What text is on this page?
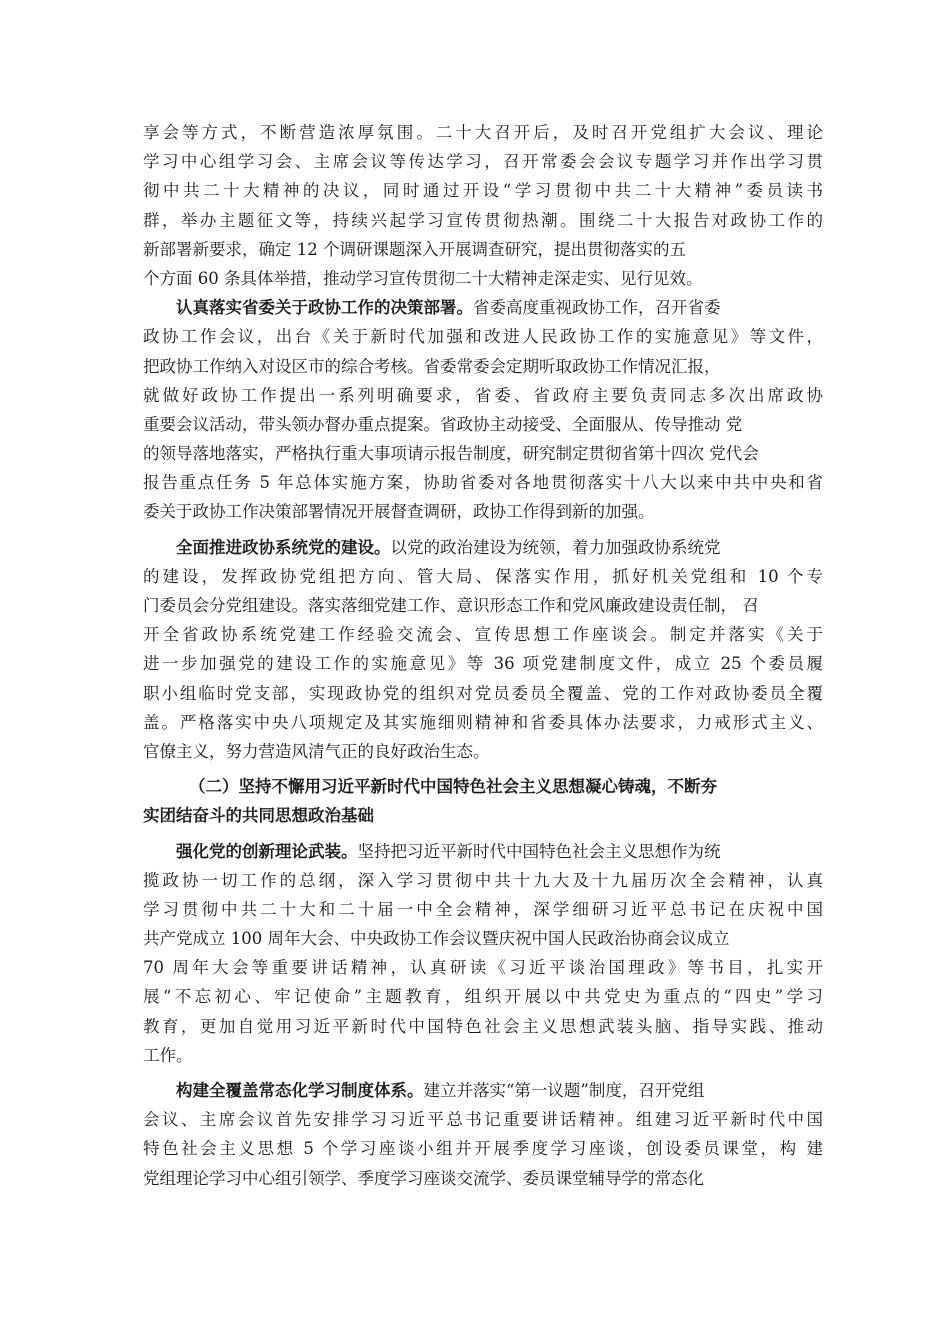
享会等方式，不断营造浓厚氛围。二十大召开后，及时召开党组扩大会议、理论
学习中心组学习会、主席会议等传达学习，召开常委会会议专题学习并作出学习贯
彻中共二十大精神的决议，同时通过开设“学习贯彻中共二十大精神”委员读书
群，举办主题征文等，持续兴起学习宣传贯彻热潮。围绕二十大报告对政协工作的
新部署新要求，确定 12 个调研课题深入开展调查研究，提出贯彻落实的五
个方面 60 条具体举措，推动学习宣传贯彻二十大精神走深走实、见行见效。
认真落实省委关于政协工作的决策部署。省委高度重视政协工作，召开省委
政协工作会议，出台《关于新时代加强和改进人民政协工作的实施意见》等文件，
把政协工作纳入对设区市的综合考核。省委常委会定期听取政协工作情况汇报，
就做好政协工作提出一系列明确要求，省委、省政府主要负责同志多次出席政协
重要会议活动，带头领办督办重点提案。省政协主动接受、全面服从、传导推动 党
的领导落地落实，严格执行重大事项请示报告制度，研究制定贯彻省第十四次 党代会
报告重点任务 5 年总体实施方案，协助省委对各地贯彻落实十八大以来中共中央和省
委关于政协工作决策部署情况开展督查调研，政协工作得到新的加强。
全面推进政协系统党的建设。以党的政治建设为统领，着力加强政协系统党
的建设，发挥政协党组把方向、管大局、保落实作用，抓好机关党组和 10 个专
门委员会分党组建设。落实落细党建工作、意识形态工作和党风廉政建设责任制， 召
开全省政协系统党建工作经验交流会、宣传思想工作座谈会。制定并落实《关于
进一步加强党的建设工作的实施意见》等 36 项党建制度文件，成立 25 个委员履
职小组临时党支部，实现政协党的组织对党员委员全覆盖、党的工作对政协委员全覆
盖。严格落实中央八项规定及其实施细则精神和省委具体办法要求，力戒形式主义、
官僚主义，努力营造风清气正的良好政治生态。
（二）坚持不懈用习近平新时代中国特色社会主义思想凝心铸魂，不断夯
实团结奋斗的共同思想政治基础
强化党的创新理论武装。坚持把习近平新时代中国特色社会主义思想作为统
揽政协一切工作的总纲，深入学习贯彻中共十九大及十九届历次全会精神，认真
学习贯彻中共二十大和二十届一中全会精神，深学细研习近平总书记在庆祝中国
共产党成立 100 周年大会、中央政协工作会议暨庆祝中国人民政治协商会议成立
70 周年大会等重要讲话精神，认真研读《习近平谈治国理政》等书目，扎实开
展“不忘初心、牢记使命”主题教育，组织开展以中共党史为重点的“四史”学习
教育，更加自觉用习近平新时代中国特色社会主义思想武装头脑、指导实践、推动
工作。
构建全覆盖常态化学习制度体系。建立并落实“第一议题”制度，召开党组
会议、主席会议首先安排学习习近平总书记重要讲话精神。组建习近平新时代中国
特色社会主义思想 5 个学习座谈小组并开展季度学习座谈，创设委员课堂，构 建
党组理论学习中心组引领学、季度学习座谈交流学、委员课堂辅导学的常态化
